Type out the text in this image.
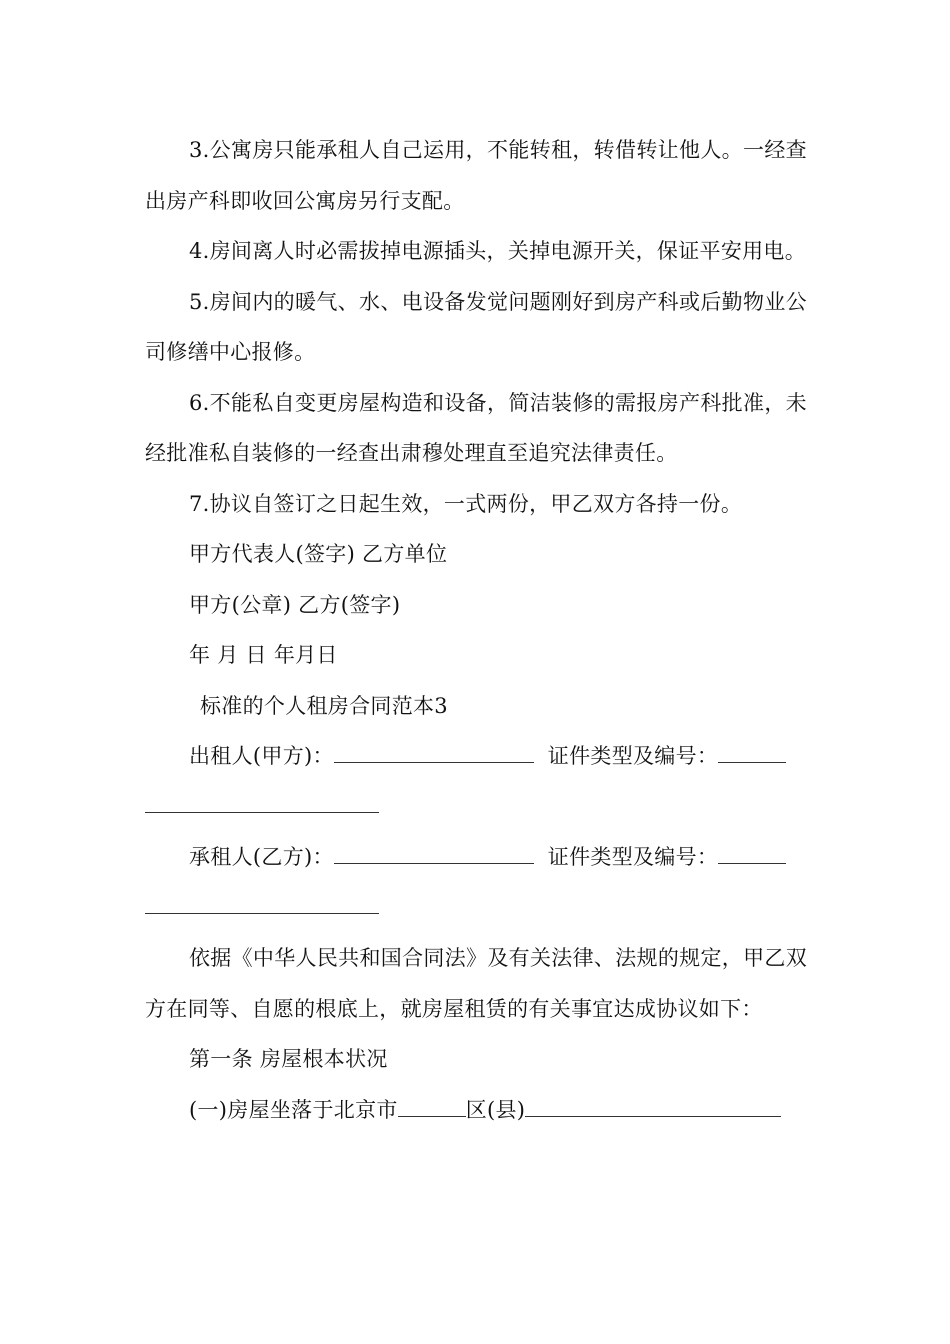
3.公寓房只能承租人自己运用，不能转租，转借转让他人。一经查出房产科即收回公寓房另行支配。

4.房间离人时必需拔掉电源插头，关掉电源开关，保证平安用电。

5.房间内的暖气、水、电设备发觉问题刚好到房产科或后勤物业公司修缮中心报修。

6.不能私自变更房屋构造和设备，简洁装修的需报房产科批准，未经批准私自装修的一经查出肃穆处理直至追究法律责任。

7.协议自签订之日起生效，一式两份，甲乙双方各持一份。

甲方代表人(签字) 乙方单位

甲方(公章) 乙方(签字)

年 月 日 年月日

标准的个人租房合同范本3

出租人(甲方)：	证件类型及编号：

承租人(乙方)：	证件类型及编号：

依据《中华人民共和国合同法》及有关法律、法规的规定，甲乙双方在同等、自愿的根底上，就房屋租赁的有关事宜达成协议如下：

第一条 房屋根本状况

(一)房屋坐落于北京市	区(县)
